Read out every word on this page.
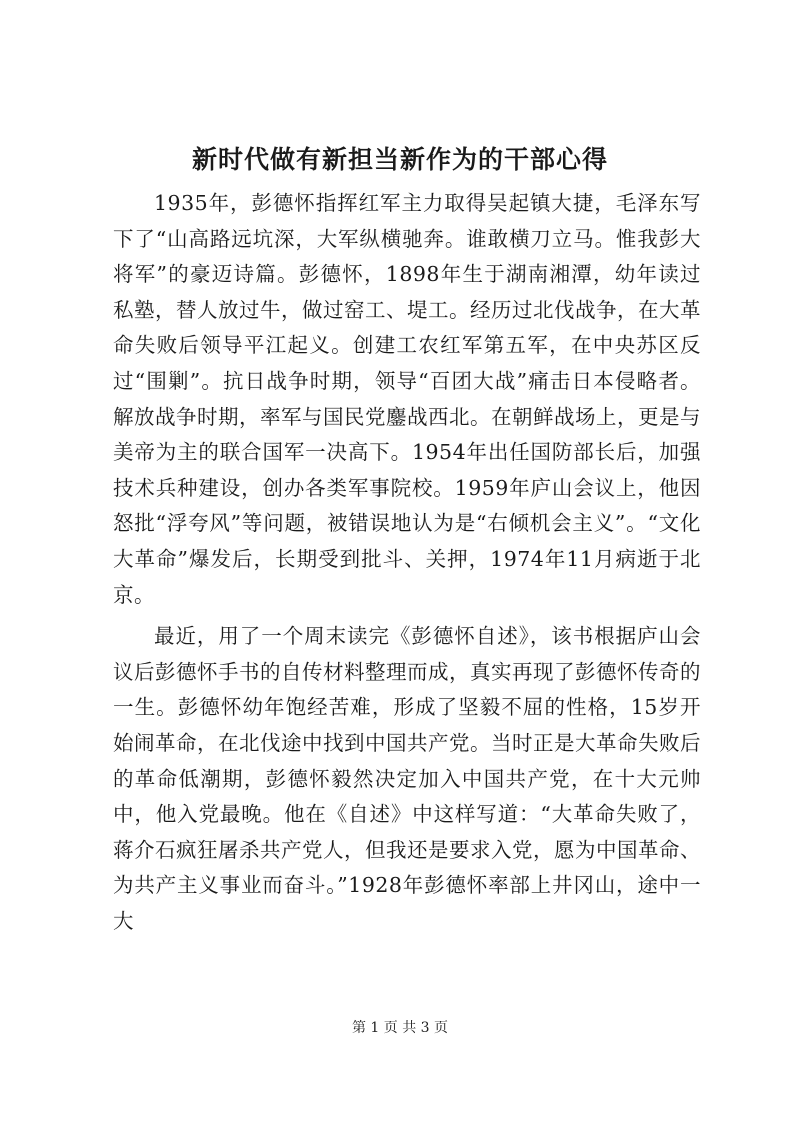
新时代做有新担当新作为的干部心得

1935年，彭德怀指挥红军主力取得吴起镇大捷，毛泽东写下了“山高路远坑深，大军纵横驰奔。谁敢横刀立马。惟我彭大将军”的豪迈诗篇。彭德怀，1898年生于湖南湘潭，幼年读过私塾，替人放过牛，做过窑工、堤工。经历过北伐战争，在大革命失败后领导平江起义。创建工农红军第五军，在中央苏区反过“围剿”。抗日战争时期，领导“百团大战”痛击日本侵略者。解放战争时期，率军与国民党鏖战西北。在朝鲜战场上，更是与美帝为主的联合国军一决高下。1954年出任国防部长后，加强技术兵种建设，创办各类军事院校。1959年庐山会议上，他因怒批“浮夸风”等问题，被错误地认为是“右倾机会主义”。“文化大革命”爆发后，长期受到批斗、关押，1974年11月病逝于北京。

最近，用了一个周末读完《彭德怀自述》，该书根据庐山会议后彭德怀手书的自传材料整理而成，真实再现了彭德怀传奇的一生。彭德怀幼年饱经苦难，形成了坚毅不屈的性格，15岁开始闹革命，在北伐途中找到中国共产党。当时正是大革命失败后的革命低潮期，彭德怀毅然决定加入中国共产党，在十大元帅中，他入党最晚。他在《自述》中这样写道：“大革命失败了，蒋介石疯狂屠杀共产党人，但我还是要求入党，愿为中国革命、为共产主义事业而奋斗。”1928年彭德怀率部上井冈山，途中一大

第 1 页 共 3 页
